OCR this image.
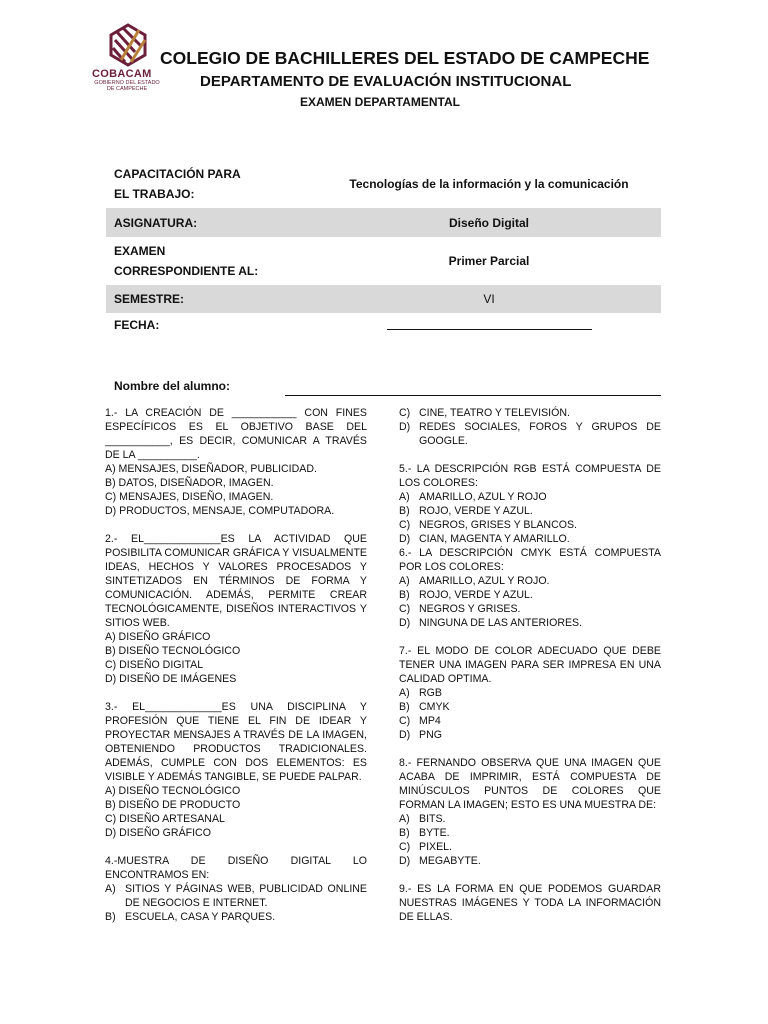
COBACAM
GOBIERNO DEL ESTADO
DE CAMPECHE
COLEGIO DE BACHILLERES DEL ESTADO DE CAMPECHE
DEPARTAMENTO DE EVALUACIÓN INSTITUCIONAL
EXAMEN DEPARTAMENTAL
CAPACITACIÓN PARA
EL TRABAJO:	Tecnologías de la información y la comunicación
ASIGNATURA:	Diseño Digital

EXAMEN
CORRESPONDIENTE AL:	Primer Parcial
SEMESTRE:	VI
FECHA:	
Nombre del alumno:
1.- LA CREACIÓN DE ___________ CON FINES ESPECÍFICOS ES EL OBJETIVO BASE DEL ___________, ES DECIR, COMUNICAR A TRAVÉS DE LA __________.
A) MENSAJES, DISEÑADOR, PUBLICIDAD.
B) DATOS, DISEÑADOR, IMAGEN.
C) MENSAJES, DISEÑO, IMAGEN.
D) PRODUCTOS, MENSAJE, COMPUTADORA.
2.- EL_____________ES LA ACTIVIDAD QUE POSIBILITA COMUNICAR GRÁFICA Y VISUALMENTE IDEAS, HECHOS Y VALORES PROCESADOS Y SINTETIZADOS EN TÉRMINOS DE FORMA Y COMUNICACIÓN. ADEMÁS, PERMITE CREAR TECNOLÓGICAMENTE, DISEÑOS INTERACTIVOS Y SITIOS WEB.
A) DISEÑO GRÁFICO
B) DISEÑO TECNOLÓGICO
C) DISEÑO DIGITAL
D) DISEÑO DE IMÁGENES
3.- EL_____________ES UNA DISCIPLINA Y PROFESIÓN QUE TIENE EL FIN DE IDEAR Y PROYECTAR MENSAJES A TRAVÉS DE LA IMAGEN, OBTENIENDO PRODUCTOS TRADICIONALES. ADEMÁS, CUMPLE CON DOS ELEMENTOS: ES VISIBLE Y ADEMÁS TANGIBLE, SE PUEDE PALPAR.
A) DISEÑO TECNOLÓGICO
B) DISEÑO DE PRODUCTO
C) DISEÑO ARTESANAL
D) DISEÑO GRÁFICO
4.-MUESTRA DE DISEÑO DIGITAL LO ENCONTRAMOS EN:
A) SITIOS Y PÁGINAS WEB, PUBLICIDAD ONLINE DE NEGOCIOS E INTERNET.
B) ESCUELA, CASA Y PARQUES.
C) CINE, TEATRO Y TELEVISIÓN.
D) REDES SOCIALES, FOROS Y GRUPOS DE GOOGLE.
5.- LA DESCRIPCIÓN RGB ESTÁ COMPUESTA DE LOS COLORES:
A) AMARILLO, AZUL Y ROJO
B) ROJO, VERDE Y AZUL.
C) NEGROS, GRISES Y BLANCOS.
D) CIAN, MAGENTA Y AMARILLO.
6.- LA DESCRIPCIÓN CMYK ESTÁ COMPUESTA POR LOS COLORES:
A) AMARILLO, AZUL Y ROJO.
B) ROJO, VERDE Y AZUL.
C) NEGROS Y GRISES.
D) NINGUNA DE LAS ANTERIORES.
7.- EL MODO DE COLOR ADECUADO QUE DEBE TENER UNA IMAGEN PARA SER IMPRESA EN UNA CALIDAD OPTIMA.
A) RGB
B) CMYK
C) MP4
D) PNG
8.- FERNANDO OBSERVA QUE UNA IMAGEN QUE ACABA DE IMPRIMIR, ESTÁ COMPUESTA DE MINÚSCULOS PUNTOS DE COLORES QUE FORMAN LA IMAGEN; ESTO ES UNA MUESTRA DE:
A) BITS.
B) BYTE.
C) PIXEL.
D) MEGABYTE.
9.- ES LA FORMA EN QUE PODEMOS GUARDAR NUESTRAS IMÁGENES Y TODA LA INFORMACIÓN DE ELLAS.
